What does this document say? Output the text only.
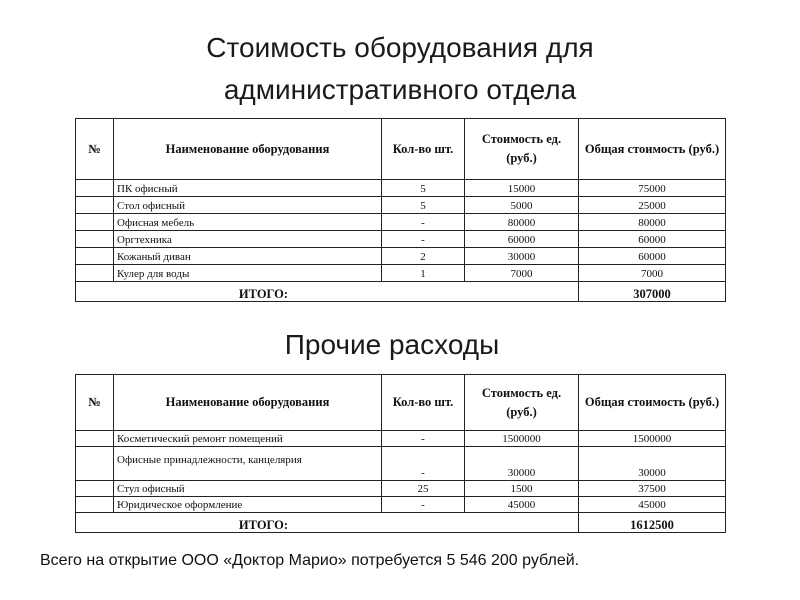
Стоимость оборудования для
административного отдела
№	Наименование оборудования	Кол-во шт.	Стоимость ед. (руб.)	Общая стоимость (руб.)
	ПК офисный	5	15000	75000
	Стол офисный	5	5000	25000
	Офисная мебель	-	80000	80000
	Оргтехника	-	60000	60000
	Кожаный диван	2	30000	60000
	Кулер для воды	1	7000	7000
ИТОГО:				307000
Прочие расходы
№	Наименование оборудования	Кол-во шт.	Стоимость ед. (руб.)	Общая стоимость (руб.)
	Косметический ремонт помещений	-	1500000	1500000
	Офисные принадлежности, канцелярия	-	30000	30000
	Стул офисный	25	1500	37500
	Юридическое оформление	-	45000	45000
ИТОГО:				1612500
Всего на открытие ООО «Доктор Марио» потребуется 5 546 200 рублей.
